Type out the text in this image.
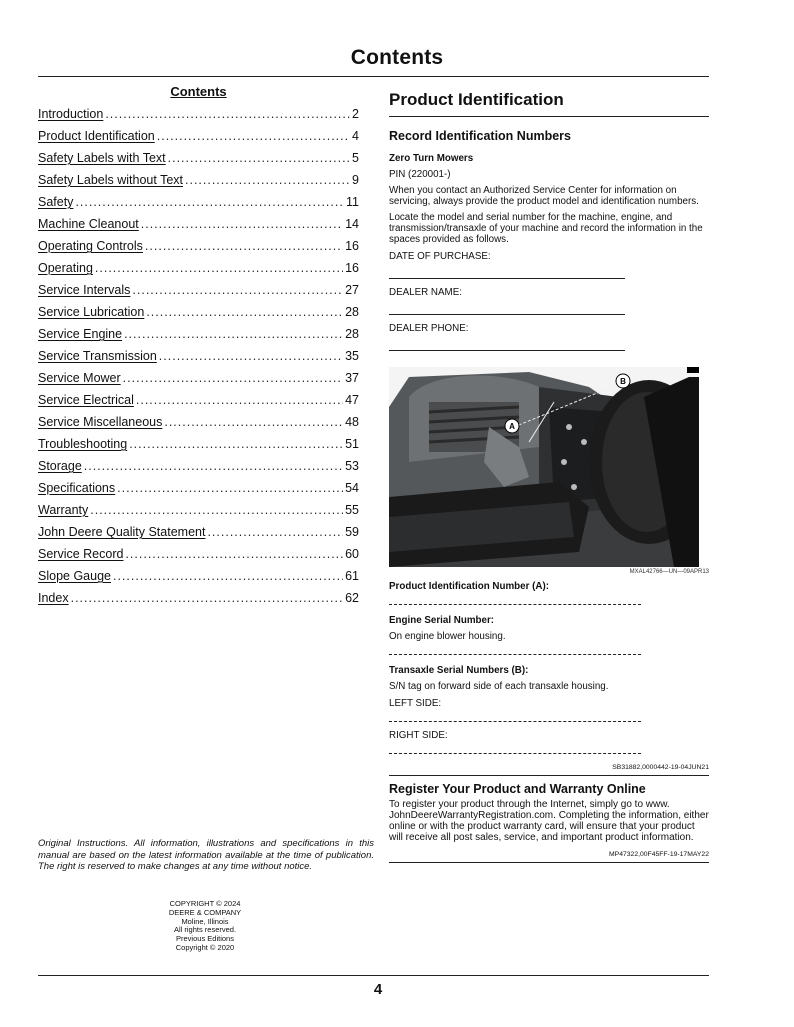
Contents
Contents
Introduction .....	2
Product Identification .....	4
Safety Labels with Text .....	5
Safety Labels without Text .....	9
Safety .....	11
Machine Cleanout .....	14
Operating Controls .....	16
Operating .....	16
Service Intervals .....	27
Service Lubrication .....	28
Service Engine .....	28
Service Transmission .....	35
Service Mower .....	37
Service Electrical .....	47
Service Miscellaneous .....	48
Troubleshooting .....	51
Storage .....	53
Specifications .....	54
Warranty .....	55
John Deere Quality Statement .....	59
Service Record .....	60
Slope Gauge .....	61
Index .....	62
Original Instructions. All information, illustrations and specifications in this manual are based on the latest information available at the time of publication. The right is reserved to make changes at any time without notice.
COPYRIGHT © 2024
DEERE & COMPANY
Moline, Illinois
All rights reserved.
Previous Editions
Copyright © 2020
Product Identification
Record Identification Numbers
Zero Turn Mowers
PIN (220001-)
When you contact an Authorized Service Center for information on servicing, always provide the product model and identification numbers.
Locate the model and serial number for the machine, engine, and transmission/transaxle of your machine and record the information in the spaces provided as follows.
DATE OF PURCHASE:
DEALER NAME:
DEALER PHONE:
A
B
MXAL42766—UN—09APR13
Product Identification Number (A):
Engine Serial Number:
On engine blower housing.
Transaxle Serial Numbers (B):
S/N tag on forward side of each transaxle housing.
LEFT SIDE:
RIGHT SIDE:
SB31882,0000442-19-04JUN21
Register Your Product and Warranty Online
To register your product through the Internet, simply go to www. JohnDeereWarrantyRegistration.com. Completing the information, either online or with the product warranty card, will ensure that your product will receive all post sales, service, and important product information.
MP47322,00F45FF-19-17MAY22
4
